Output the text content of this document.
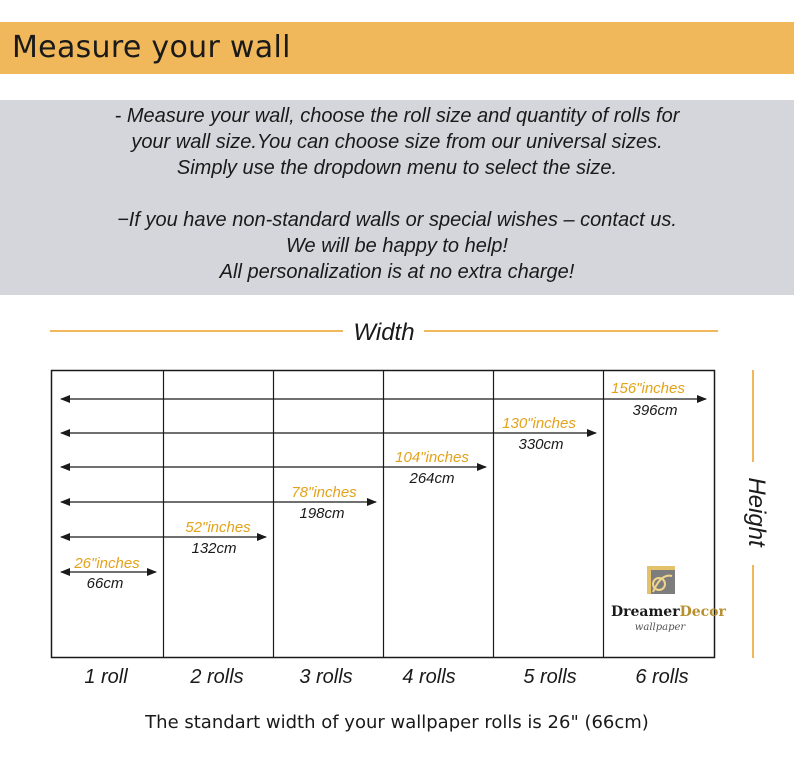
Measure your wall

- Measure your wall, choose the roll size and quantity of rolls for

your wall size.You can choose size from our universal sizes.

Simply use the dropdown menu to select the size.

−If you have non-standard walls or special wishes – contact us.

We will be happy to help!

All personalization is at no extra charge!

Width
Height
156"inches
396cm
130"inches
330cm
104"inches
264cm
78"inches
198cm
52"inches
132cm
26"inches
66cm
DreamerDecor
wallpaper
1 roll	2 rolls	3 rolls	4 rolls	5 rolls	6 rolls
The standart width of your wallpaper rolls is 26" (66cm)
